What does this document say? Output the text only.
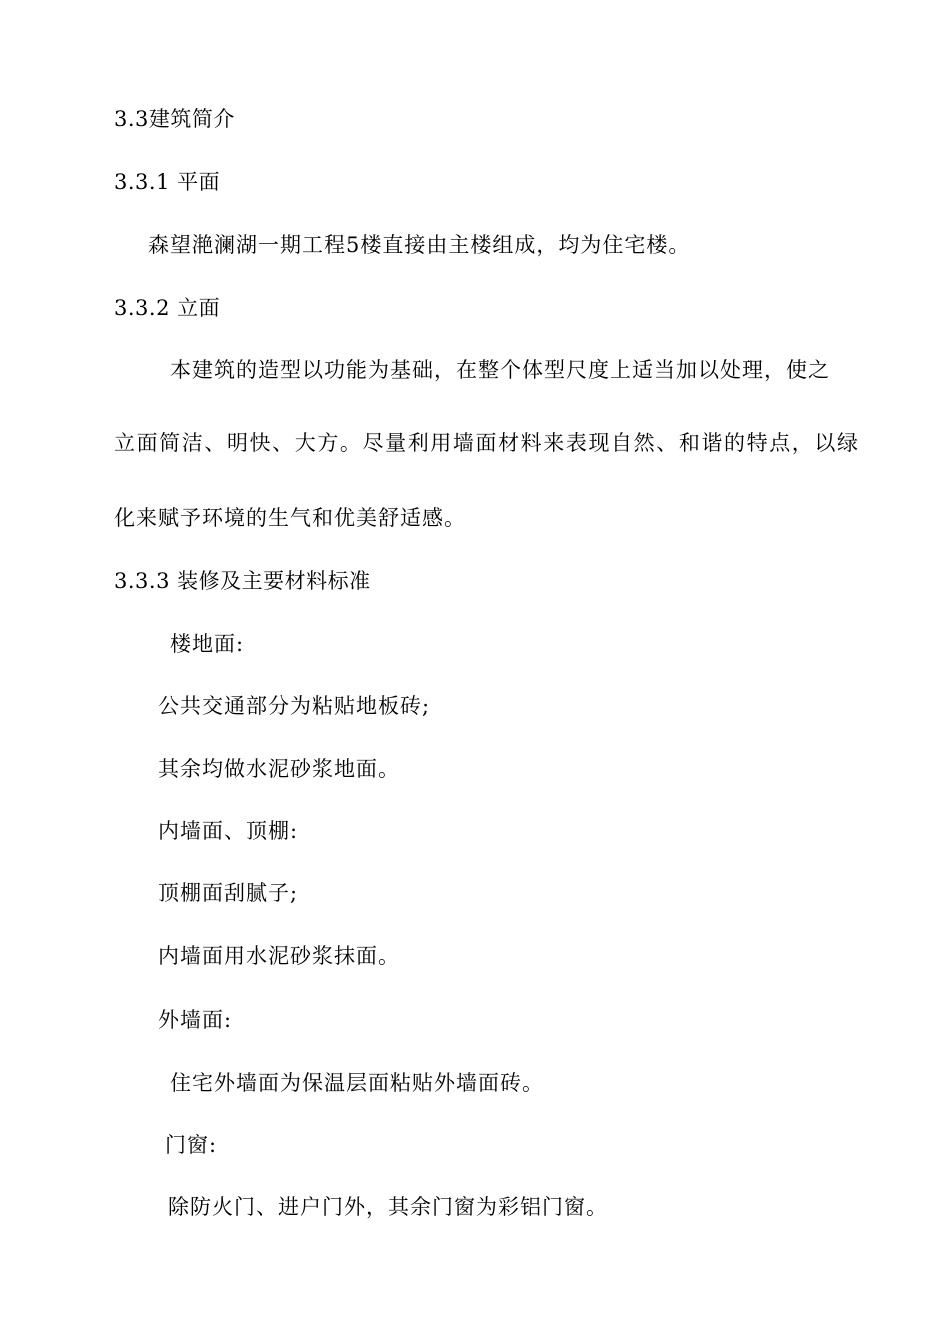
3.3建筑简介
3.3.1 平面
森望滟澜湖一期工程5楼直接由主楼组成，均为住宅楼。
3.3.2 立面
本建筑的造型以功能为基础，在整个体型尺度上适当加以处理，使之
立面简洁、明快、大方。尽量利用墙面材料来表现自然、和谐的特点，以绿
化来赋予环境的生气和优美舒适感。
3.3.3 装修及主要材料标准
楼地面:
公共交通部分为粘贴地板砖;
其余均做水泥砂浆地面。
内墙面、顶棚:
顶棚面刮腻子;
内墙面用水泥砂浆抹面。
外墙面:
住宅外墙面为保温层面粘贴外墙面砖。
门窗:
除防火门、进户门外，其余门窗为彩铝门窗。
